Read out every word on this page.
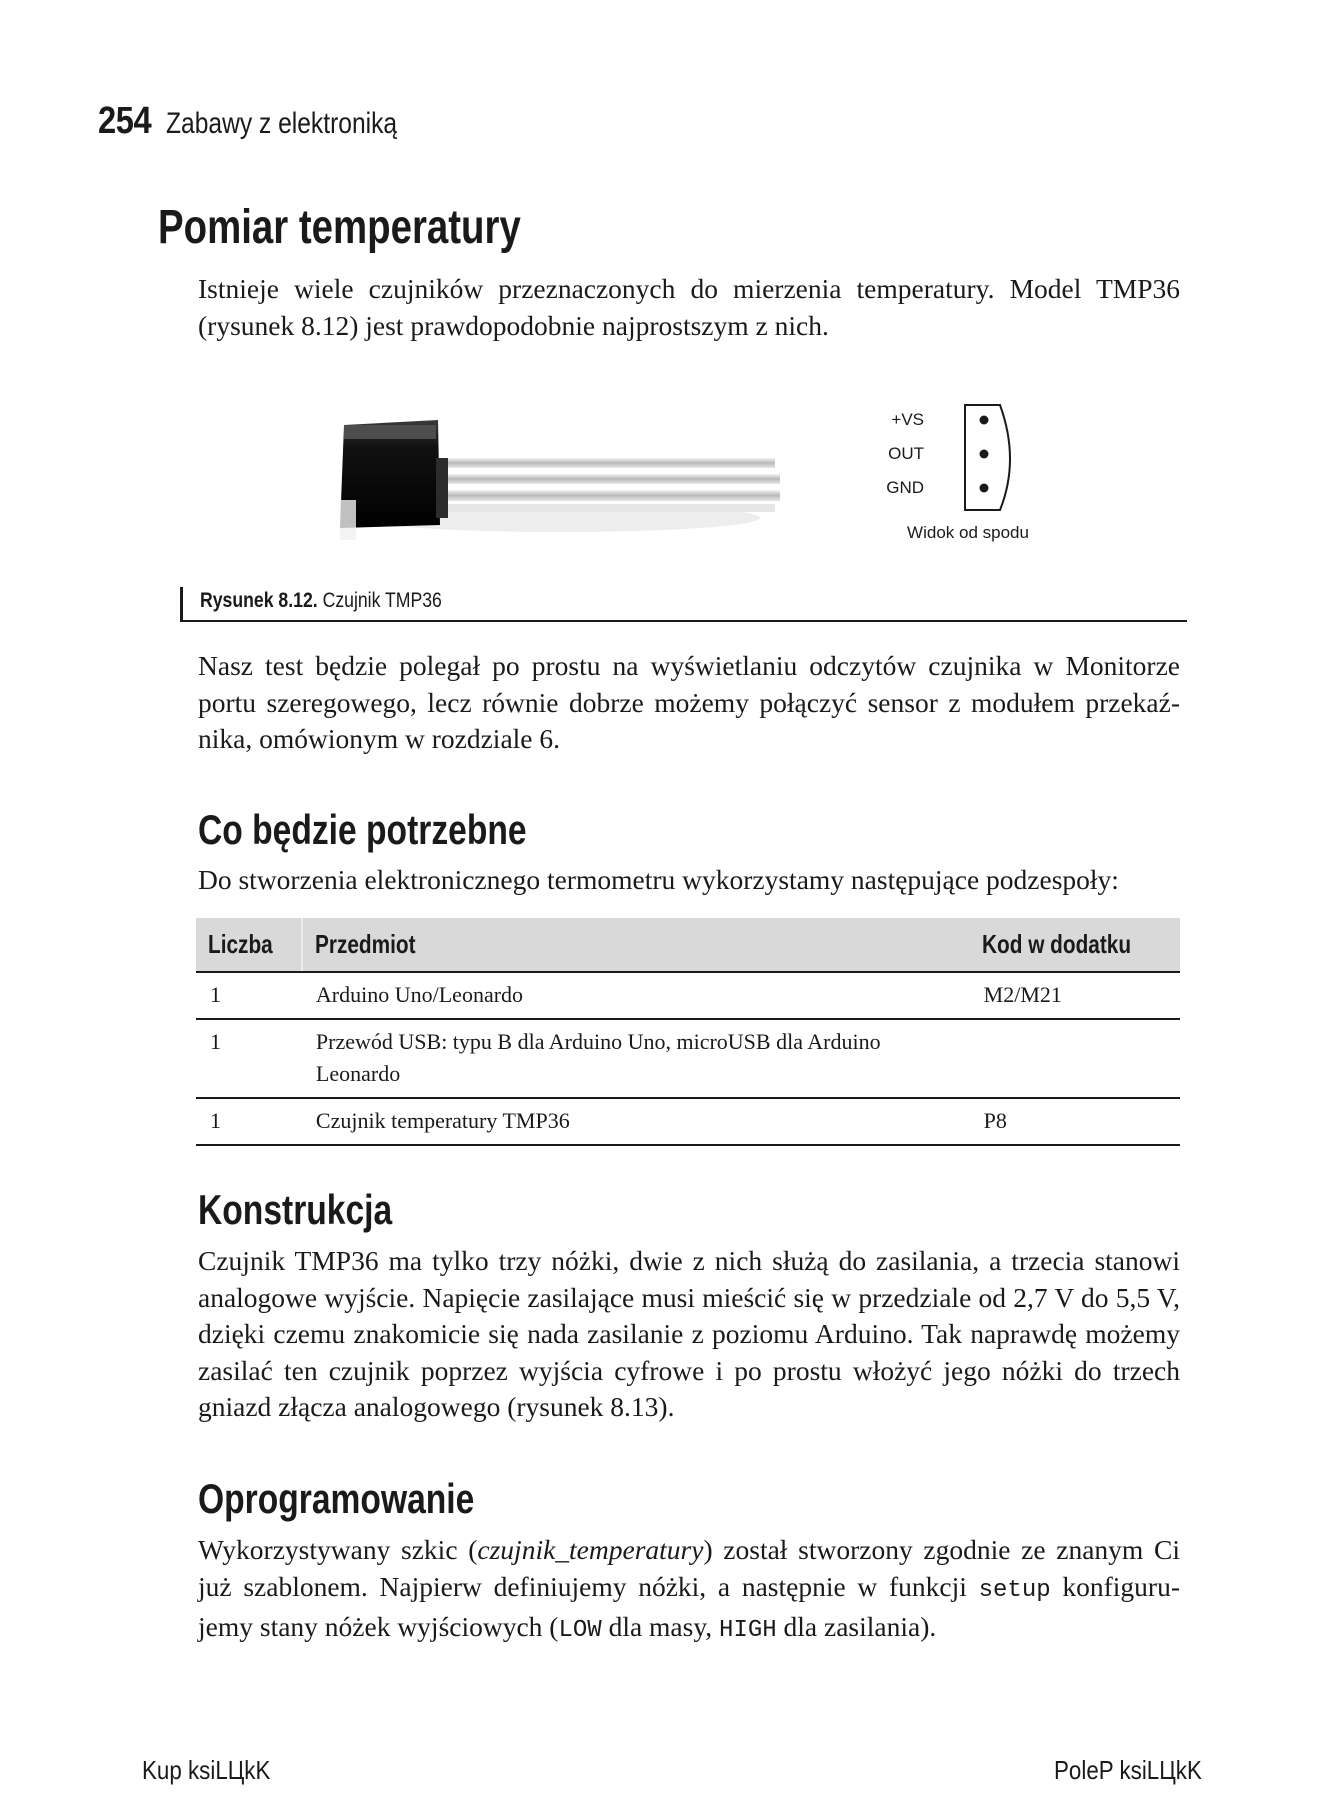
254 Zabawy z elektroniką
Pomiar temperatury
Istnieje wiele czujników przeznaczonych do mierzenia temperatury. Model TMP36
(rysunek 8.12) jest prawdopodobnie najprostszym z nich.
+VS
OUT
GND
Widok od spodu
Rysunek 8.12. Czujnik TMP36
Nasz test będzie polegał po prostu na wyświetlaniu odczytów czujnika w Monitorze
portu szeregowego, lecz równie dobrze możemy połączyć sensor z modułem przekaź-
nika, omówionym w rozdziale 6.
Co będzie potrzebne
Do stworzenia elektronicznego termometru wykorzystamy następujące podzespoły:
Liczba	Przedmiot	Kod w dodatku
1	Arduino Uno/Leonardo	M2/M21
1	Przewód USB: typu B dla Arduino Uno, microUSB dla Arduino Leonardo	
1	Czujnik temperatury TMP36	P8
Konstrukcja
Czujnik TMP36 ma tylko trzy nóżki, dwie z nich służą do zasilania, a trzecia stanowi
analogowe wyjście. Napięcie zasilające musi mieścić się w przedziale od 2,7 V do 5,5 V,
dzięki czemu znakomicie się nada zasilanie z poziomu Arduino. Tak naprawdę możemy
zasilać ten czujnik poprzez wyjścia cyfrowe i po prostu włożyć jego nóżki do trzech
gniazd złącza analogowego (rysunek 8.13).
Oprogramowanie
Wykorzystywany szkic (czujnik_temperatury) został stworzony zgodnie ze znanym Ci
już szablonem. Najpierw definiujemy nóżki, a następnie w funkcji setup konfiguru-
jemy stany nóżek wyjściowych (LOW dla masy, HIGH dla zasilania).
Kup ksiLЦkK	PoleP ksiLЦkK
